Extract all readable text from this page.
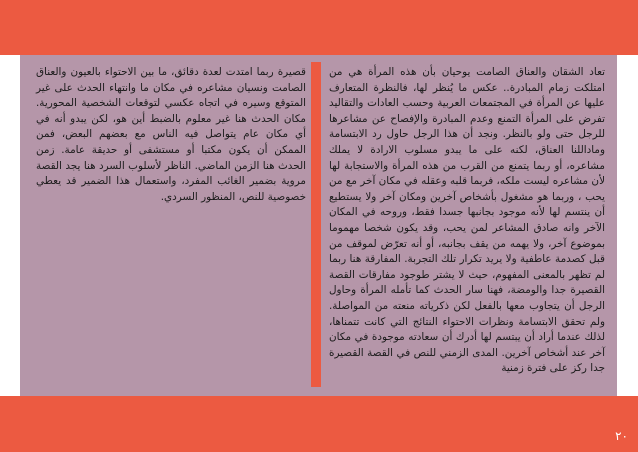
تعاد الشقان والعناق الصامت يوحيان بأن هذه المرأة هي من امتلكت زمام المبادرة.. عكس ما يُنظر لها، فالنظرة المتعارف عليها عن المرأة في المجتمعات العربية وحسب العادات والتقاليد تفرض على المرأة التمنع وعدم المبادرة والإفصاح عن مشاعرها للرجل حتى ولو بالنظر. ونجد أن هذا الرجل حاول رد الابتسامة وماداللنا العناق، لكنه على ما يبدو مسلوب الارادة لا يملك مشاعره، أو ربما يتمنع من القرب من هذه المرأة والاستجابة لها لأن مشاعره ليست ملكه، فربما قلبه وعقله في مكان آخر مع من يحب ، وربما هو مشغول بأشخاص آخرين ومكان آخر ولا يستطيع أن ينتسم لها لأنه موجود بجانبها جسدا فقط، وروحه في المكان الآخر وانه صادق المشاعر لمن يحب، وقد يكون شخصا مهموما بموضوع آخر، ولا يهمه من يقف بجانبه، أو أنه تعرّض لموقف من قبل كصدمة عاطفية ولا يريد تكرار تلك التجربة. المفارقة هنا ربما لم تظهر بالمعنى المفهوم، حيث لا يشتر طوجود مفارقات القصة القصيرة جدا والومضة، فهنا سار الحدث كما تأمله المرأة وحاول الرجل أن يتجاوب معها بالفعل لكن ذكرياته منعته من المواصلة. ولم تحقق الابتسامة ونظرات الاحتواء النتائج التي كانت تتمناها، لذلك عندما أراد أن يبتسم لها أدرك أن سعادته موجودة في مكان آخر عند أشخاص آخرين. المدى الزمني للنص في القصة القصيرة جدا ركز على فترة زمنية

قصيرة ربما امتدت لعدة دقائق، ما بين الاحتواء بالعيون والعناق الصامت ونسيان مشاعره في مكان ما وانتهاء الحدث على غير المتوقع وسيره في اتجاه عكسي لتوقعات الشخصية المحورية. مكان الحدث هنا غير معلوم بالضبط أين هو، لكن يبدو أنه في أي مكان عام يتواصل فيه الناس مع بعضهم البعض، فمن الممكن أن يكون مكتبا أو مستشفى أو حديقة عامة. زمن الحدث هنا الزمن الماضي. الناظر لأسلوب السرد هنا يجد القصة مروية بضمير الغائب المفرد، واستعمال هذا الضمير قد يعطي خصوصية للنص، المنظور السردي.

٢٠
